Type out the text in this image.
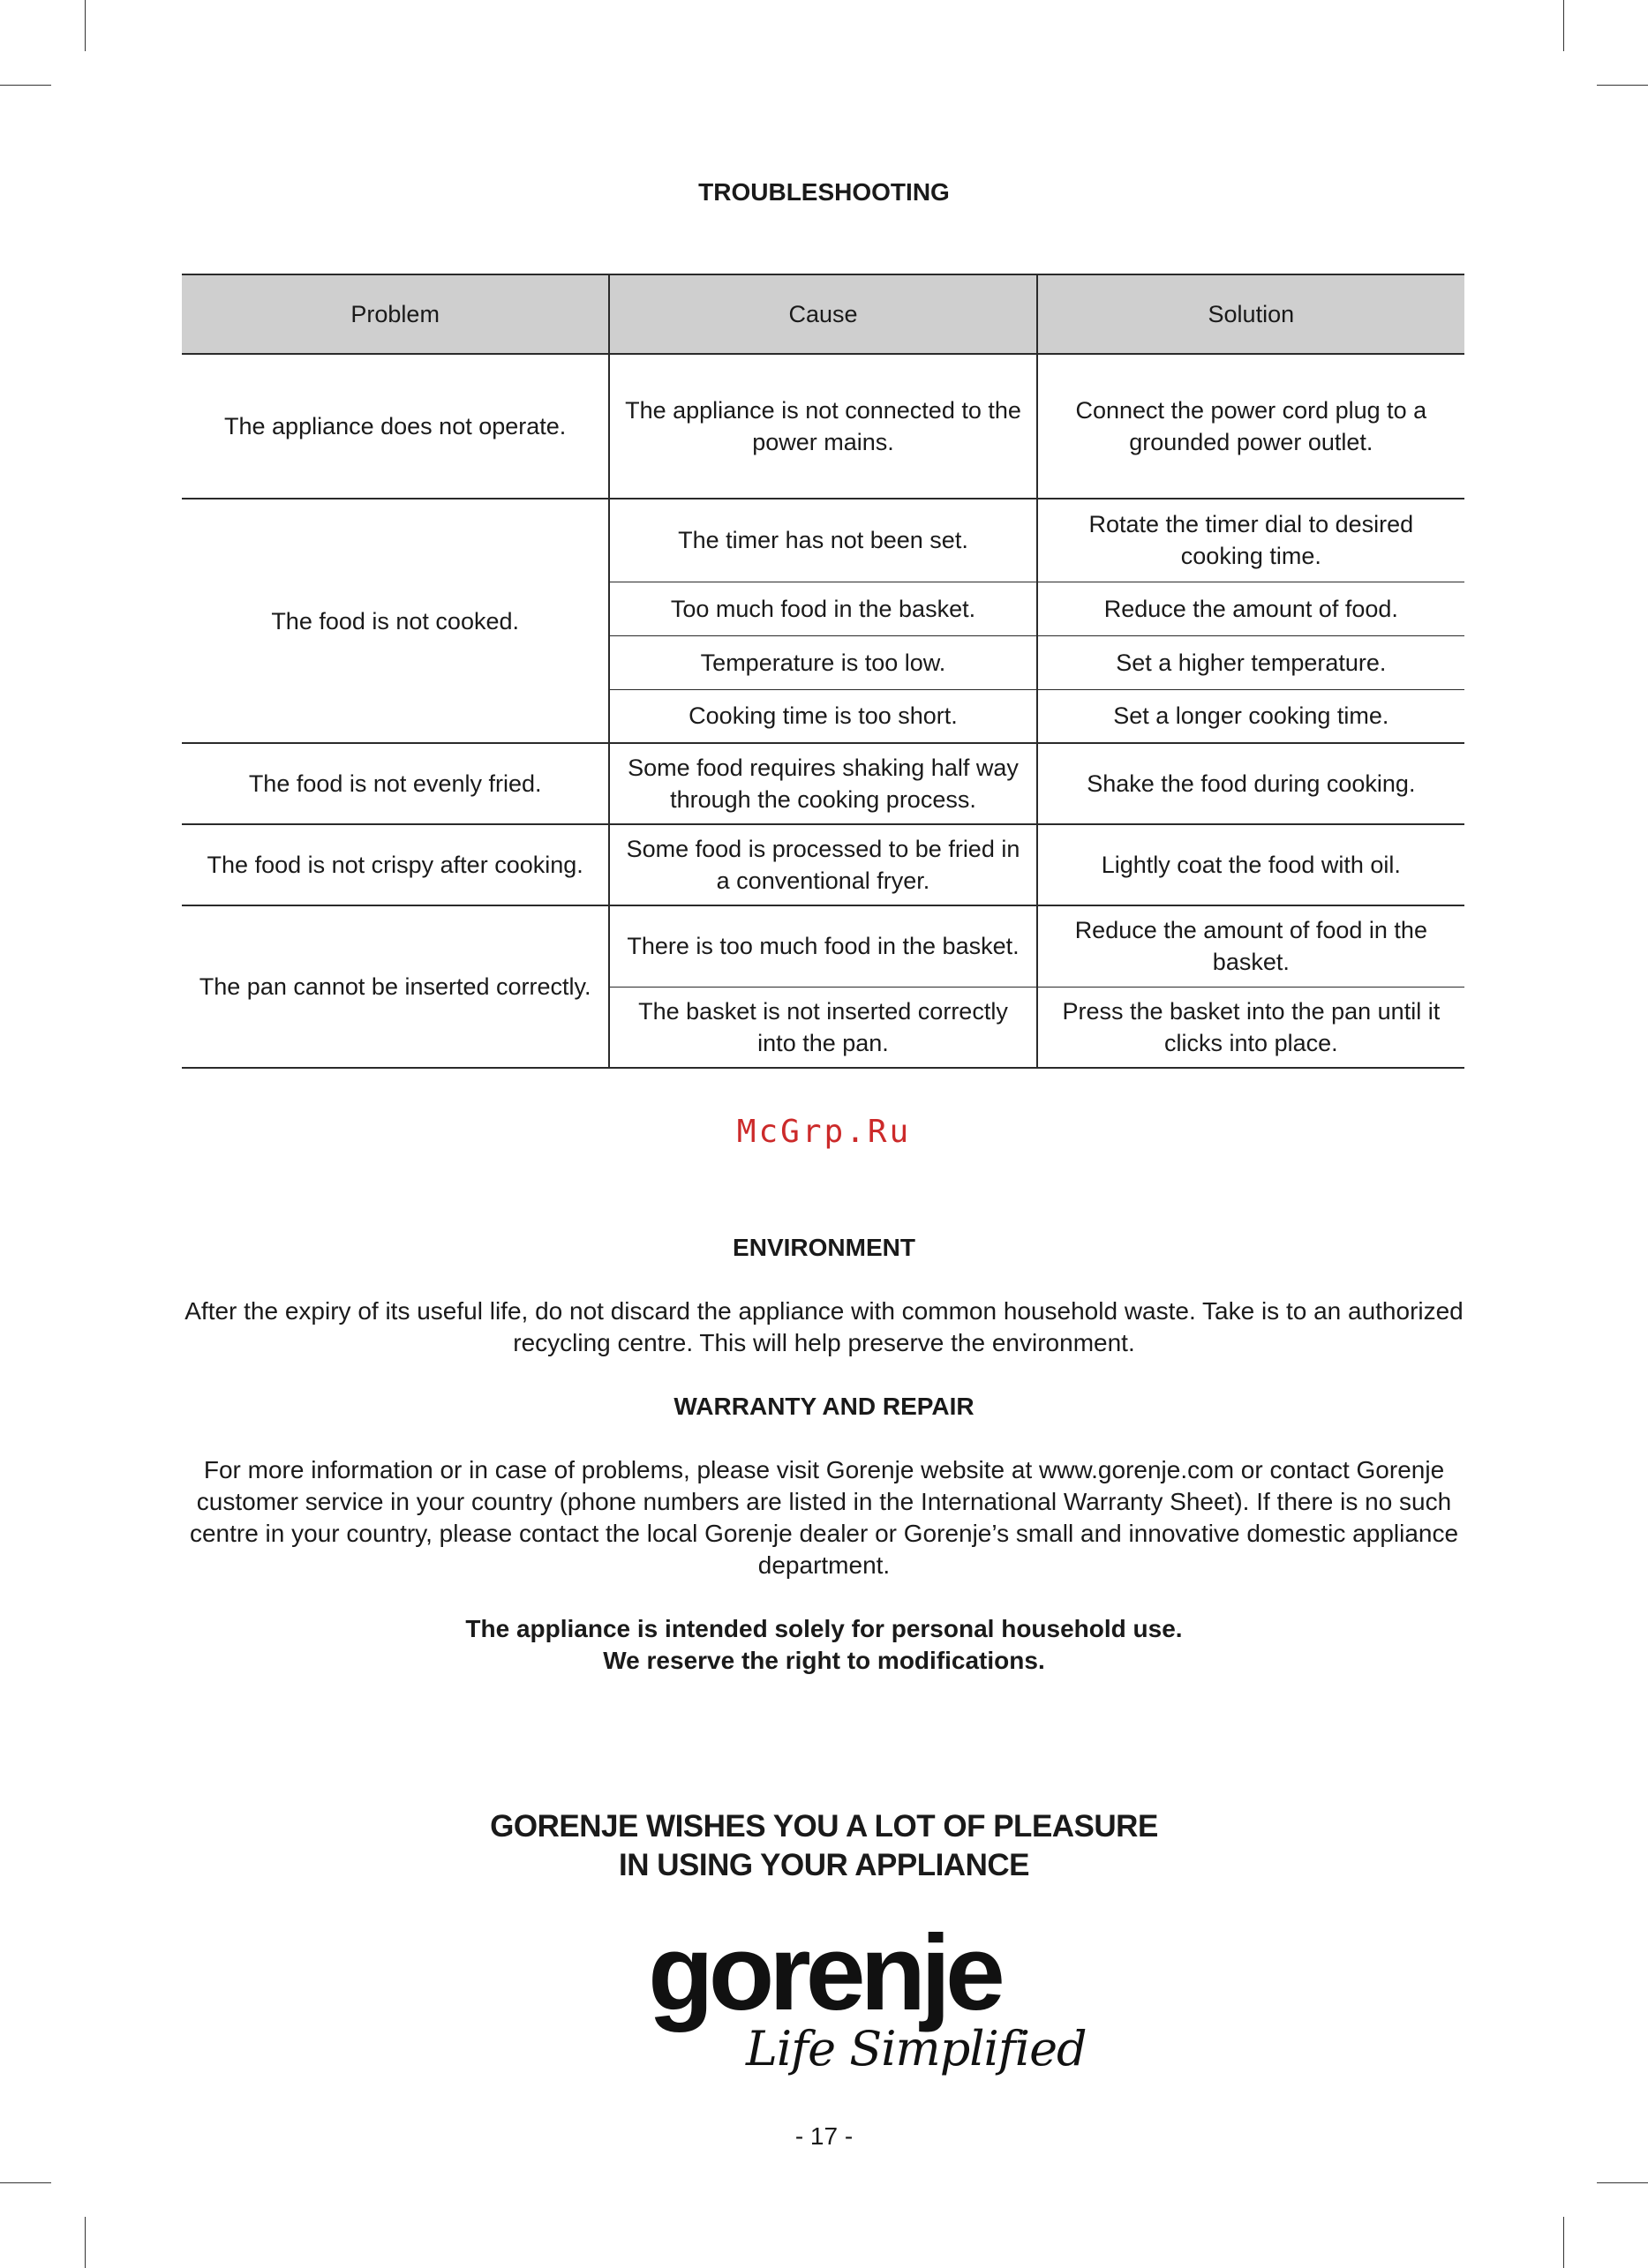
TROUBLESHOOTING
Problem	Cause	Solution
The appliance does not operate.	The appliance is not connected to the power mains.	Connect the power cord plug to a grounded power outlet.
The food is not cooked.	The timer has not been set.	Rotate the timer dial to desired cooking time.
	Too much food in the basket.	Reduce the amount of food.
	Temperature is too low.	Set a higher temperature.
	Cooking time is too short.	Set a longer cooking time.
The food is not evenly fried.	Some food requires shaking half way through the cooking process.	Shake the food during cooking.
The food is not crispy after cooking.	Some food is processed to be fried in a conventional fryer.	Lightly coat the food with oil.
The pan cannot be inserted correctly.	There is too much food in the basket.	Reduce the amount of food in the basket.
	The basket is not inserted correctly into the pan.	Press the basket into the pan until it clicks into place.

McGrp.Ru

ENVIRONMENT

After the expiry of its useful life, do not discard the appliance with common household waste. Take is to an authorized recycling centre. This will help preserve the environment.

WARRANTY AND REPAIR

For more information or in case of problems, please visit Gorenje website at www.gorenje.com or contact Gorenje customer service in your country (phone numbers are listed in the International Warranty Sheet). If there is no such centre in your country, please contact the local Gorenje dealer or Gorenje’s small and innovative domestic appliance department.

The appliance is intended solely for personal household use.
We reserve the right to modifications.
GORENJE WISHES YOU A LOT OF PLEASURE
IN USING YOUR APPLIANCE
gorenje
Life Simplified

- 17 -
